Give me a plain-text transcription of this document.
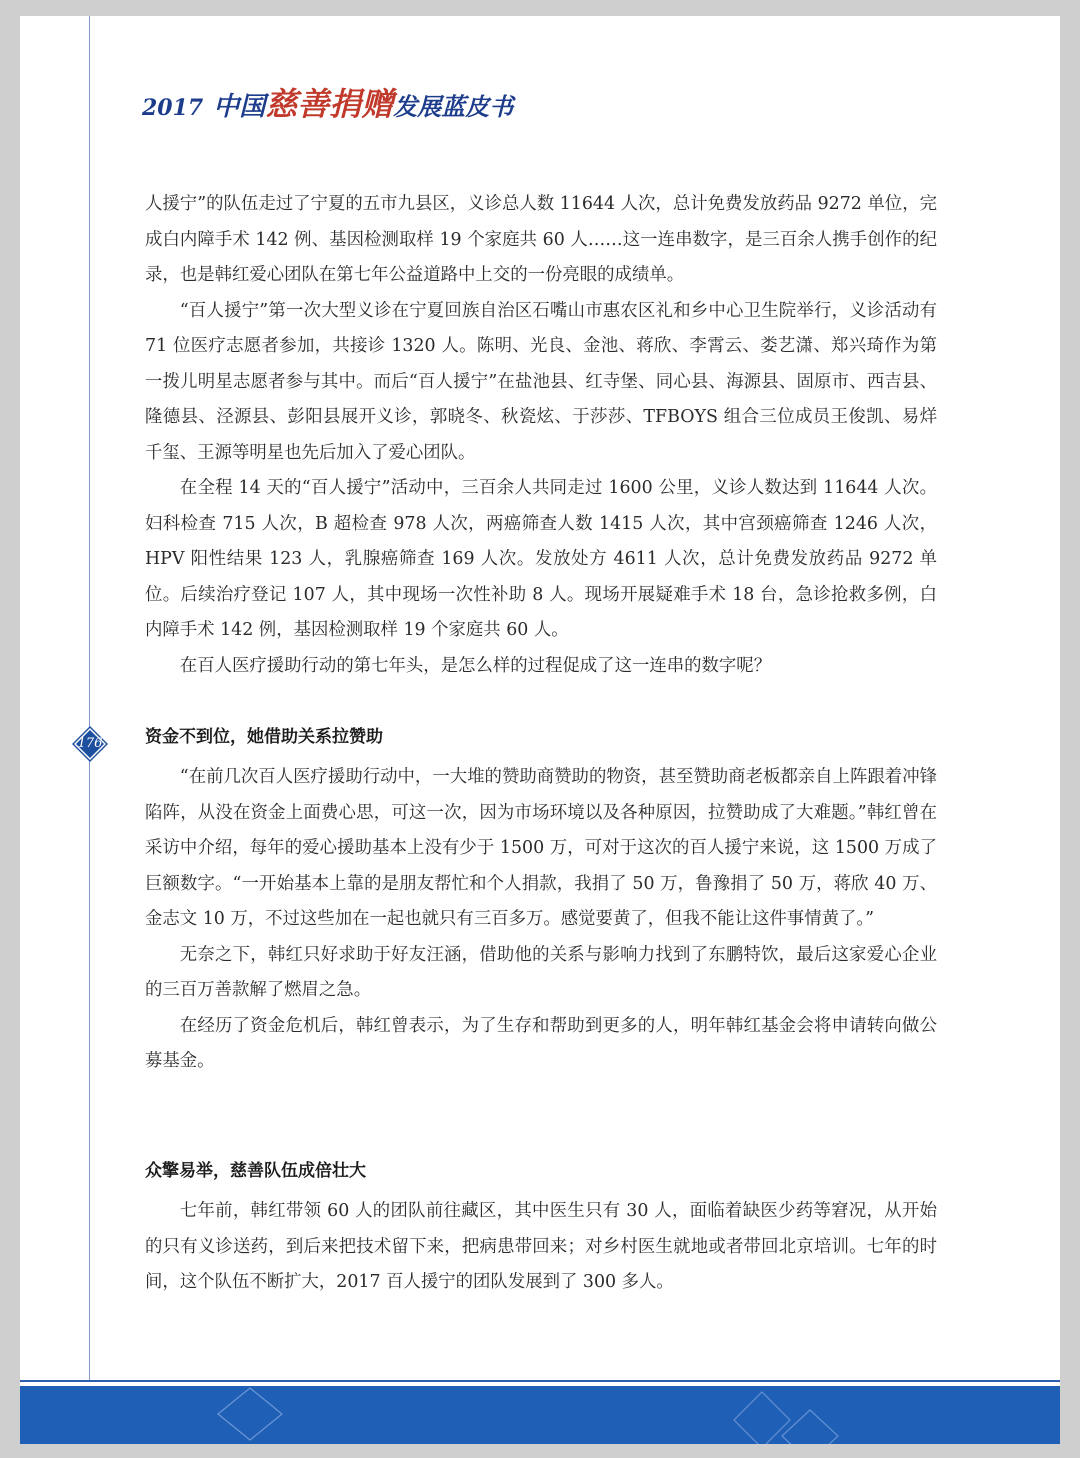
2017 中国慈善捐赠发展蓝皮书

人援宁”的队伍走过了宁夏的五市九县区，义诊总人数 11644 人次，总计免费发放药品 9272 单位，完成白内障手术 142 例、基因检测取样 19 个家庭共 60 人……这一连串数字，是三百余人携手创作的纪录，也是韩红爱心团队在第七年公益道路中上交的一份亮眼的成绩单。

“百人援宁”第一次大型义诊在宁夏回族自治区石嘴山市惠农区礼和乡中心卫生院举行，义诊活动有 71 位医疗志愿者参加，共接诊 1320 人。陈明、光良、金池、蒋欣、李霄云、娄艺潇、郑兴琦作为第一拨儿明星志愿者参与其中。而后“百人援宁”在盐池县、红寺堡、同心县、海源县、固原市、西吉县、隆德县、泾源县、彭阳县展开义诊，郭晓冬、秋瓷炫、于莎莎、TFBOYS 组合三位成员王俊凯、易烊千玺、王源等明星也先后加入了爱心团队。

在全程 14 天的“百人援宁”活动中，三百余人共同走过 1600 公里，义诊人数达到 11644 人次。妇科检查 715 人次，B 超检查 978 人次，两癌筛查人数 1415 人次，其中宫颈癌筛查 1246 人次，HPV 阳性结果 123 人，乳腺癌筛查 169 人次。发放处方 4611 人次，总计免费发放药品 9272 单位。后续治疗登记 107 人，其中现场一次性补助 8 人。现场开展疑难手术 18 台，急诊抢救多例，白内障手术 142 例，基因检测取样 19 个家庭共 60 人。

在百人医疗援助行动的第七年头，是怎么样的过程促成了这一连串的数字呢？

176	资金不到位，她借助关系拉赞助

“在前几次百人医疗援助行动中，一大堆的赞助商赞助的物资，甚至赞助商老板都亲自上阵跟着冲锋陷阵，从没在资金上面费心思，可这一次，因为市场环境以及各种原因，拉赞助成了大难题。”韩红曾在采访中介绍，每年的爱心援助基本上没有少于 1500 万，可对于这次的百人援宁来说，这 1500 万成了巨额数字。“一开始基本上靠的是朋友帮忙和个人捐款，我捐了 50 万，鲁豫捐了 50 万，蒋欣 40 万、金志文 10 万，不过这些加在一起也就只有三百多万。感觉要黄了，但我不能让这件事情黄了。”

无奈之下，韩红只好求助于好友汪涵，借助他的关系与影响力找到了东鹏特饮，最后这家爱心企业的三百万善款解了燃眉之急。

在经历了资金危机后，韩红曾表示，为了生存和帮助到更多的人，明年韩红基金会将申请转向做公募基金。

众擎易举，慈善队伍成倍壮大

七年前，韩红带领 60 人的团队前往藏区，其中医生只有 30 人，面临着缺医少药等窘况，从开始的只有义诊送药，到后来把技术留下来，把病患带回来；对乡村医生就地或者带回北京培训。七年的时间，这个队伍不断扩大，2017 百人援宁的团队发展到了 300 多人。
